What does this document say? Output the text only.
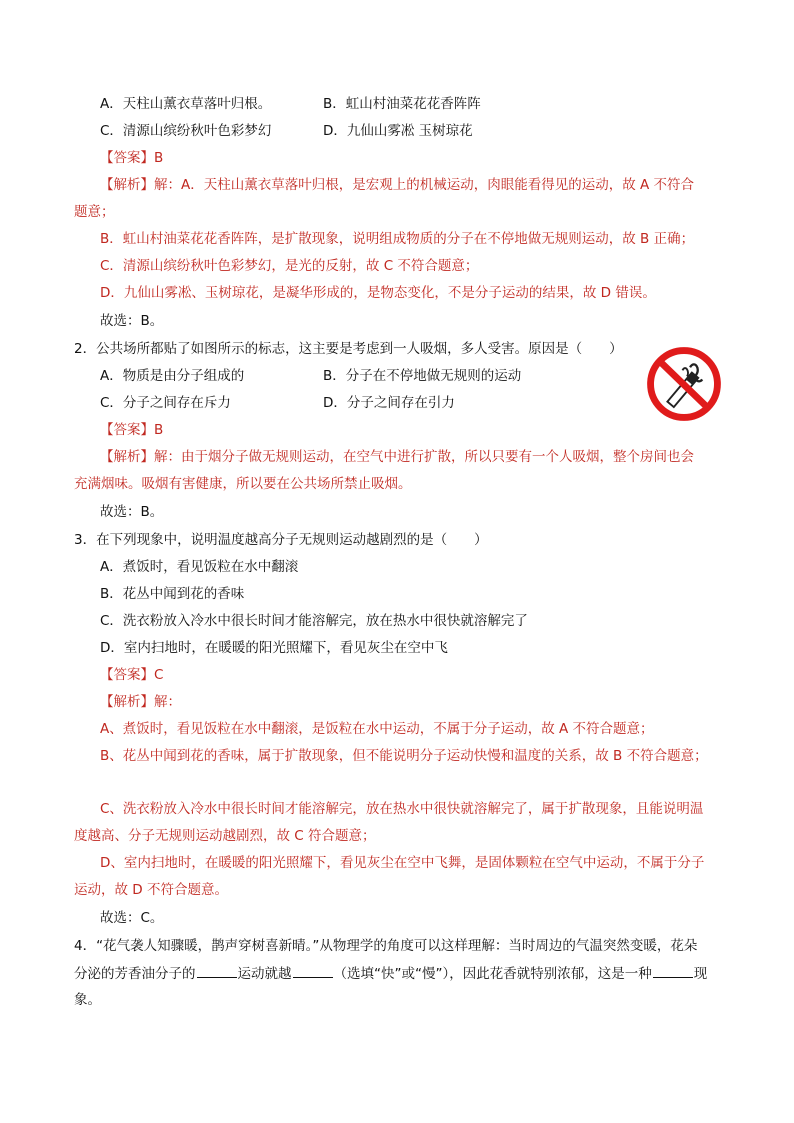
A．天柱山薰衣草落叶归根。	B．虹山村油菜花花香阵阵
C．清源山缤纷秋叶色彩梦幻	D．九仙山雾凇 玉树琼花
【答案】B
【解析】解：A．天柱山薰衣草落叶归根，是宏观上的机械运动，肉眼能看得见的运动，故 A 不符合
题意；
B．虹山村油菜花花香阵阵，是扩散现象，说明组成物质的分子在不停地做无规则运动，故 B 正确；
C．清源山缤纷秋叶色彩梦幻，是光的反射，故 C 不符合题意；
D．九仙山雾凇、玉树琼花，是凝华形成的，是物态变化，不是分子运动的结果，故 D 错误。
故选：B。
2．公共场所都贴了如图所示的标志，这主要是考虑到一人吸烟，多人受害。原因是（　　）
A．物质是由分子组成的	B．分子在不停地做无规则的运动
C．分子之间存在斥力	D．分子之间存在引力
【答案】B
【解析】解：由于烟分子做无规则运动，在空气中进行扩散，所以只要有一个人吸烟，整个房间也会
充满烟味。吸烟有害健康，所以要在公共场所禁止吸烟。
故选：B。
3．在下列现象中，说明温度越高分子无规则运动越剧烈的是（　　）
A．煮饭时，看见饭粒在水中翻滚
B．花丛中闻到花的香味
C．洗衣粉放入冷水中很长时间才能溶解完，放在热水中很快就溶解完了
D．室内扫地时，在暖暖的阳光照耀下，看见灰尘在空中飞
【答案】C
【解析】解：
A、煮饭时，看见饭粒在水中翻滚，是饭粒在水中运动，不属于分子运动，故 A 不符合题意；
B、花丛中闻到花的香味，属于扩散现象，但不能说明分子运动快慢和温度的关系，故 B 不符合题意；
C、洗衣粉放入冷水中很长时间才能溶解完，放在热水中很快就溶解完了，属于扩散现象，且能说明温
度越高、分子无规则运动越剧烈，故 C 符合题意；
D、室内扫地时，在暖暖的阳光照耀下，看见灰尘在空中飞舞，是固体颗粒在空气中运动，不属于分子
运动，故 D 不符合题意。
故选：C。
4．“花气袭人知骤暖，鹊声穿树喜新晴。”从物理学的角度可以这样理解：当时周边的气温突然变暖，花朵
分泌的芳香油分子的	运动就越	（选填“快”或“慢”），因此花香就特别浓郁，这是一种	现
象。
